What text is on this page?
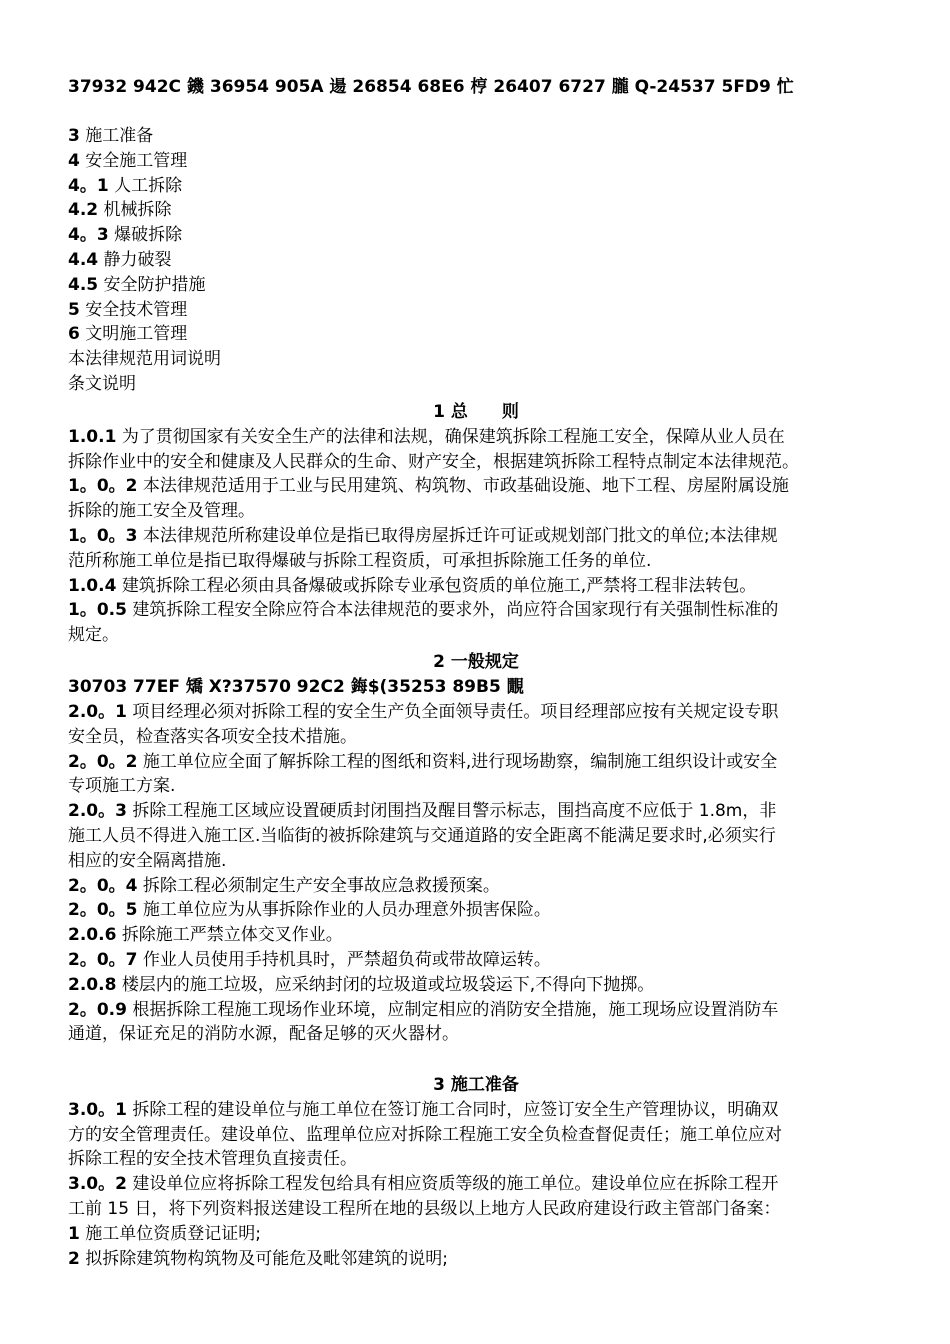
37932 942C 鐖 36954 905A 逿 26854 68E6 梈 26407 6727 朧 Q-24537 5FD9 忙
3 施工准备
4 安全施工管理
4。1 人工拆除
4.2 机械拆除
4。3 爆破拆除
4.4 静力破裂
4.5 安全防护措施
5 安全技术管理
6 文明施工管理
本法律规范用词说明
条文说明
1 总　　则
1.0.1 为了贯彻国家有关安全生产的法律和法规，确保建筑拆除工程施工安全，保障从业人员在
拆除作业中的安全和健康及人民群众的生命、财产安全，根据建筑拆除工程特点制定本法律规范。
1。0。2 本法律规范适用于工业与民用建筑、构筑物、市政基础设施、地下工程、房屋附属设施
拆除的施工安全及管理。
1。0。3 本法律规范所称建设单位是指已取得房屋拆迁许可证或规划部门批文的单位;本法律规
范所称施工单位是指已取得爆破与拆除工程资质，可承担拆除施工任务的单位.
1.0.4 建筑拆除工程必须由具备爆破或拆除专业承包资质的单位施工,严禁将工程非法转包。
1。0.5 建筑拆除工程安全除应符合本法律规范的要求外，尚应符合国家现行有关强制性标准的
规定。
2 一般规定
30703 77EF 矯 X?37570 92C2 鋂$(35253 89B5 覵
2.0。1 项目经理必须对拆除工程的安全生产负全面领导责任。项目经理部应按有关规定设专职
安全员，检查落实各项安全技术措施。
2。0。2 施工单位应全面了解拆除工程的图纸和资料,进行现场勘察，编制施工组织设计或安全
专项施工方案.
2.0。3 拆除工程施工区域应设置硬质封闭围挡及醒目警示标志，围挡高度不应低于 1.8m，非
施工人员不得进入施工区.当临街的被拆除建筑与交通道路的安全距离不能满足要求时,必须实行
相应的安全隔离措施.
2。0。4 拆除工程必须制定生产安全事故应急救援预案。
2。0。5 施工单位应为从事拆除作业的人员办理意外损害保险。
2.0.6 拆除施工严禁立体交叉作业。
2。0。7 作业人员使用手持机具时，严禁超负荷或带故障运转。
2.0.8 楼层内的施工垃圾，应采纳封闭的垃圾道或垃圾袋运下,不得向下抛掷。
2。0.9 根据拆除工程施工现场作业环境，应制定相应的消防安全措施，施工现场应设置消防车
通道，保证充足的消防水源，配备足够的灭火器材。
3 施工准备
3.0。1 拆除工程的建设单位与施工单位在签订施工合同时，应签订安全生产管理协议，明确双
方的安全管理责任。建设单位、监理单位应对拆除工程施工安全负检查督促责任；施工单位应对
拆除工程的安全技术管理负直接责任。
3.0。2 建设单位应将拆除工程发包给具有相应资质等级的施工单位。建设单位应在拆除工程开
工前 15 日，将下列资料报送建设工程所在地的县级以上地方人民政府建设行政主管部门备案：
1 施工单位资质登记证明;
2 拟拆除建筑物构筑物及可能危及毗邻建筑的说明;
